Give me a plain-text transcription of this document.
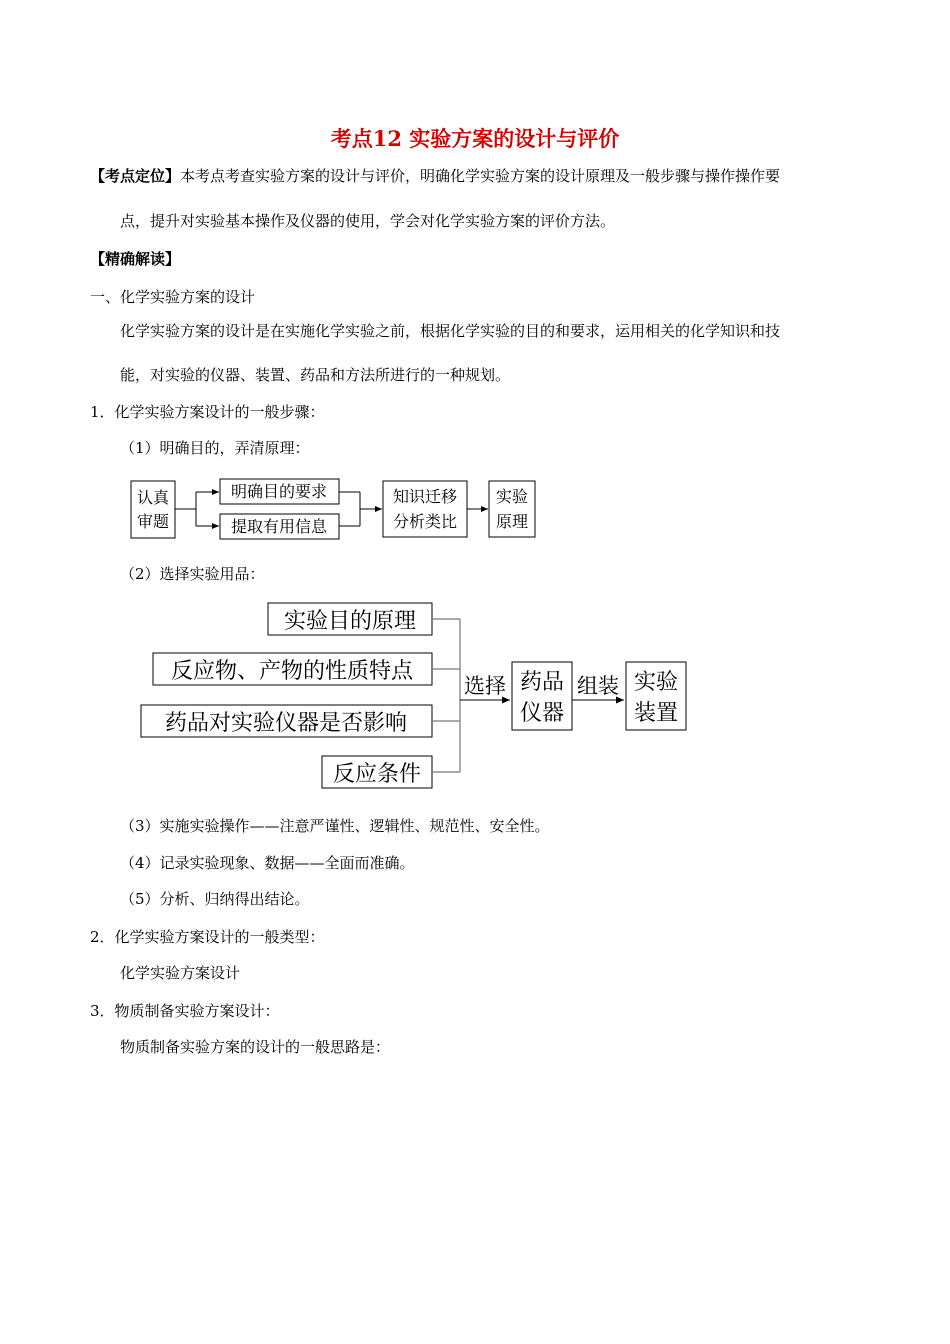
考点12 实验方案的设计与评价
【考点定位】本考点考查实验方案的设计与评价，明确化学实验方案的设计原理及一般步骤与操作操作要
点，提升对实验基本操作及仪器的使用，学会对化学实验方案的评价方法。
【精确解读】
一、化学实验方案的设计
化学实验方案的设计是在实施化学实验之前，根据化学实验的目的和要求，运用相关的化学知识和技
能，对实验的仪器、装置、药品和方法所进行的一种规划。
1．化学实验方案设计的一般步骤：
（1）明确目的，弄清原理：
认真
审题
明确目的要求
提取有用信息
知识迁移
分析类比
实验
原理
（2）选择实验用品：
实验目的原理
反应物、产物的性质特点
药品对实验仪器是否影响
反应条件
选择 药品
仪器
组装 实验
装置
（3）实施实验操作——注意严谨性、逻辑性、规范性、安全性。
（4）记录实验现象、数据——全面而准确。
（5）分析、归纳得出结论。
2．化学实验方案设计的一般类型：
化学实验方案设计
3．物质制备实验方案设计：
物质制备实验方案的设计的一般思路是：
